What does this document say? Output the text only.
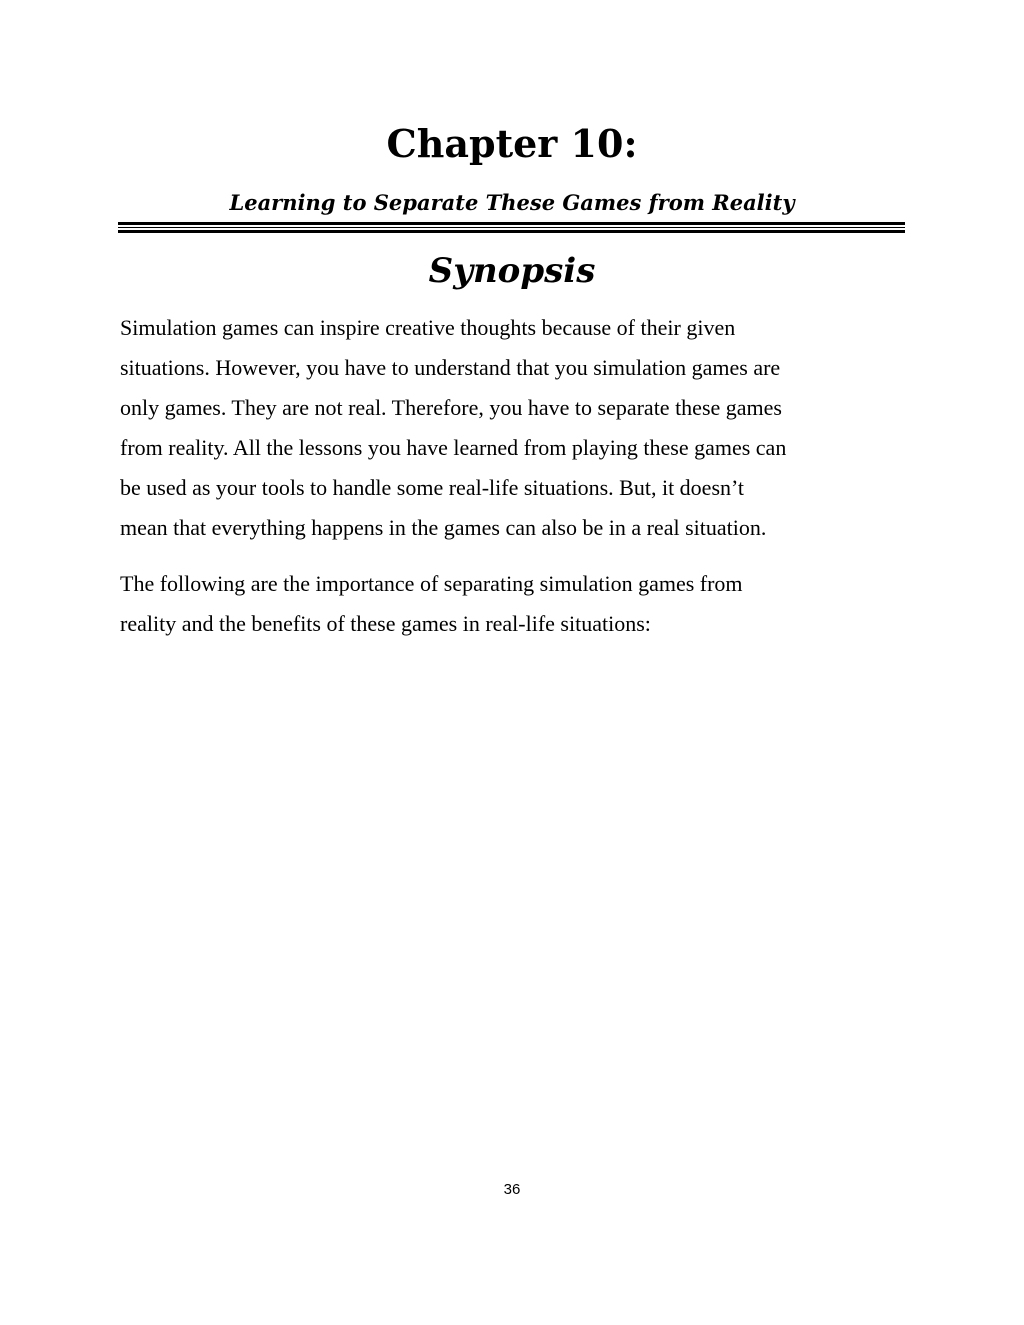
Chapter 10:
Learning to Separate These Games from Reality
Synopsis

Simulation games can inspire creative thoughts because of their given
situations. However, you have to understand that you simulation games are
only games. They are not real. Therefore, you have to separate these games
from reality. All the lessons you have learned from playing these games can
be used as your tools to handle some real-life situations. But, it doesn’t
mean that everything happens in the games can also be in a real situation.

The following are the importance of separating simulation games from
reality and the benefits of these games in real-life situations:

36
